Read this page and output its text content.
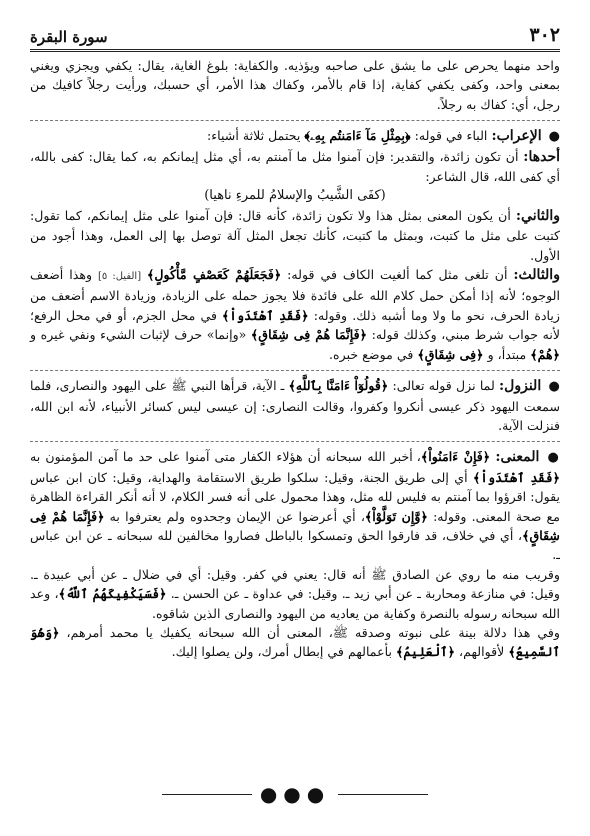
٣٠٢
سورة البقرة

واحد منهما يحرص على ما يشق على صاحبه ويؤذيه. والكفاية: بلوغ الغاية، يقال: يكفي ويجزي ويغني بمعنى واحد، وكفى يكفي كفاية، إذا قام بالأمر، وكفاك هذا الأمر، أي حسبك، ورأيت رجلاً كافيك من رجل، أي: كفاك به رجلاً.

● الإعراب: الباء في قوله: ﴿بِمِثْلِ مَآ ءَامَنتُم بِهِۦ﴾ يحتمل ثلاثة أشياء:

أحدها: أن تكون زائدة، والتقدير: فإن آمنوا مثل ما آمنتم به، أي مثل إيمانكم به، كما يقال: كفى بالله، أي كفى الله، قال الشاعر:

(كفَى الشَّيبُ والإسلامُ للمرءِ ناهيا)

والثاني: أن يكون المعنى بمثل هذا ولا تكون زائدة، كأنه قال: فإن آمنوا على مثل إيمانكم، كما تقول: كتبت على مثل ما كتبت، وبمثل ما كتبت، كأنك تجعل المثل آلة توصل بها إلى العمل، وهذا أجود من الأول.

والثالث: أن تلغى مثل كما ألغيت الكاف في قوله: ﴿فَجَعَلَهُمْ كَعَصْفٍ مَّأْكُولٍ﴾ [الفيل: ٥] وهذا أضعف الوجوه؛ لأنه إذا أمكن حمل كلام الله على فائدة فلا يجوز حمله على الزيادة، وزيادة الاسم أضعف من زيادة الحرف، نحو ما ولا وما أشبه ذلك. وقوله: ﴿فَقَدِ ٱهْتَدَواْ﴾ في محل الجزم، أو في محل الرفع؛ لأنه جواب شرط مبني، وكذلك قوله: ﴿فَإِنَّمَا هُمْ فِى شِقَاقٍ﴾ «وإنما» حرف لإثبات الشيء ونفي غيره و ﴿هُمْ﴾ مبتدأ، و ﴿فِى شِقَاقٍ﴾ في موضع خبره.

● النزول: لما نزل قوله تعالى: ﴿قُولُوٓاْ ءَامَنَّا بِٱللَّهِ﴾ ـ الآية، قرأها النبي ﷺ على اليهود والنصارى، فلما سمعت اليهود ذكر عيسى أنكروا وكفروا، وقالت النصارى: إن عيسى ليس كسائر الأنبياء، لأنه ابن الله، فنزلت الآية.

● المعنى: ﴿فَإِنْ ءَامَنُواْ﴾، أخبر الله سبحانه أن هؤلاء الكفار متى آمنوا على حد ما آمن المؤمنون به ﴿فَقَدِ ٱهْتَدَواْ﴾ أي إلى طريق الجنة، وقيل: سلكوا طريق الاستقامة والهداية، وقيل: كان ابن عباس يقول: اقرؤوا بما آمنتم به فليس لله مثل، وهذا محمول على أنه فسر الكلام، لا أنه أنكر القراءة الظاهرة مع صحة المعنى. وقوله: ﴿وَّإِن تَوَلَّوْاْ﴾، أي أعرضوا عن الإيمان وجحدوه ولم يعترفوا به ﴿فَإِنَّمَا هُمْ فِى شِقَاقٍ﴾، أي في خلاف، قد فارقوا الحق وتمسكوا بالباطل فصاروا مخالفين لله سبحانه ـ عن ابن عباس ـ.

وقريب منه ما روي عن الصادق ﷺ أنه قال: يعني في كفر. وقيل: أي في ضلال ـ عن أبي عبيدة ـ. وقيل: في منازعة ومحاربة ـ عن أبي زيد ـ. وقيل: في عداوة ـ عن الحسن ـ. ﴿فَسَيَكْفِيكَهُمُ ٱللَّهُ﴾، وعد الله سبحانه رسوله بالنصرة وكفاية من يعاديه من اليهود والنصارى الذين شاقوه.

وفي هذا دلالة بينة على نبوته وصدقه ﷺ، المعنى أن الله سبحانه يكفيك يا محمد أمرهم، ﴿وَهُوَ ٱلسَّمِيعُ﴾ لأقوالهم، ﴿ٱلْعَلِيمُ﴾ بأعمالهم في إبطال أمرك، ولن يصلوا إليك.

●●●
